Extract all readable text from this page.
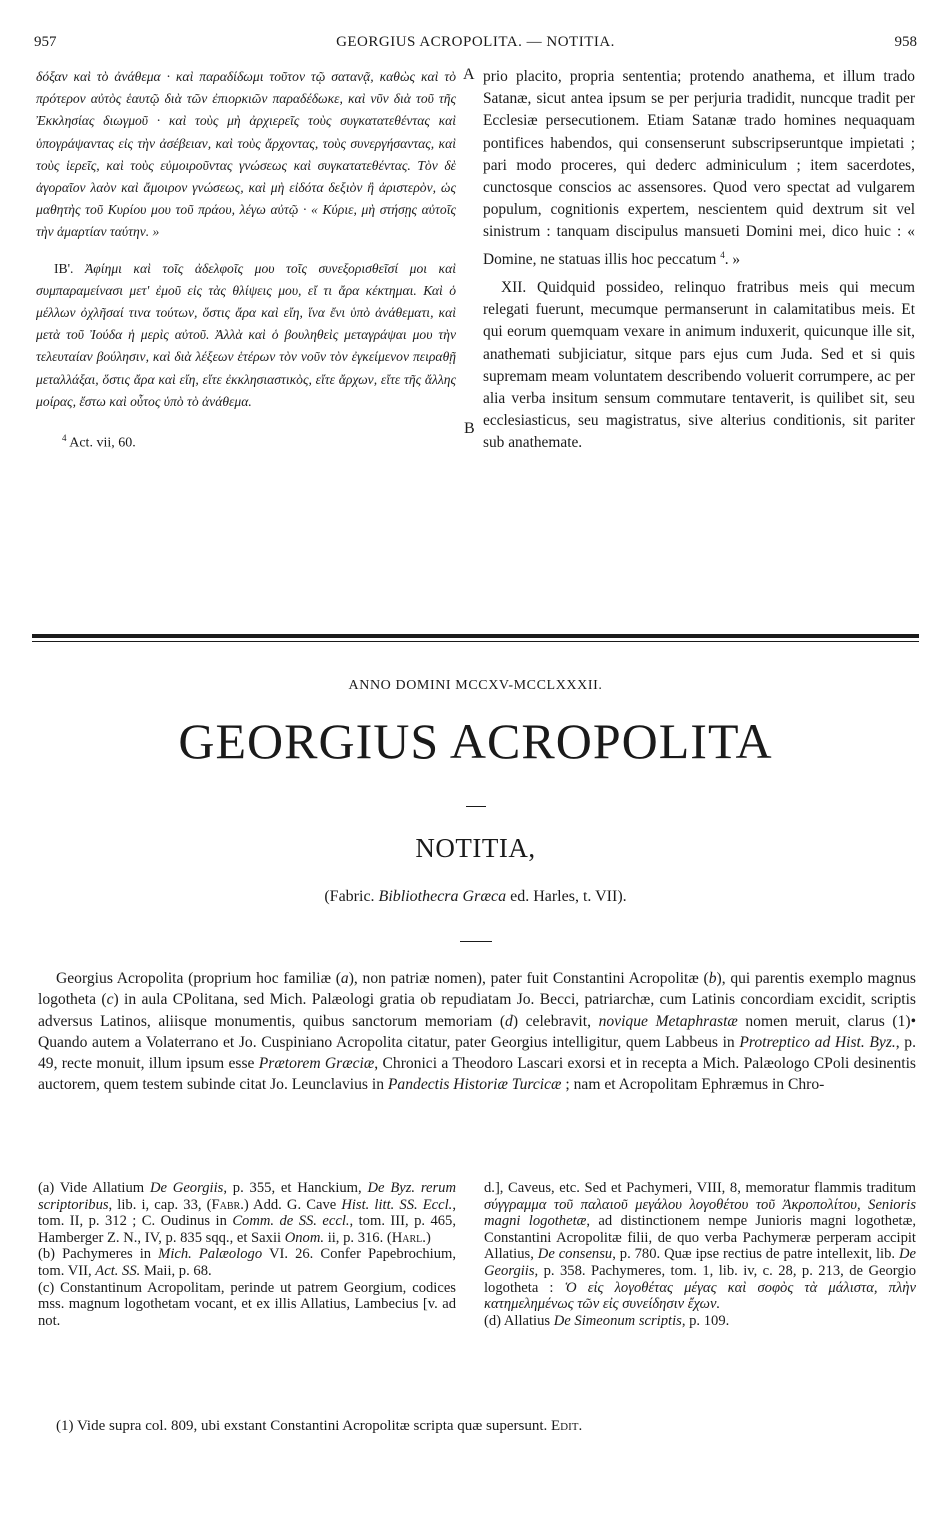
957	GEORGIUS ACROPOLITA. — NOTITIA.	958

δόξαν καὶ τὸ ἀνάθεμα · καὶ παραδίδωμι τοῦτον τῷ σατανᾷ, καθὼς καὶ τὸ πρότερον αὐτὸς ἑαυτῷ διὰ τῶν ἐπιορκιῶν παραδέδωκε, καὶ νῦν διὰ τοῦ τῆς Ἐκκλησίας διωγμοῦ · καὶ τοὺς μὴ ἀρχιερεῖς τοὺς συγκατατεθέντας καὶ ὑπογράψαντας εἰς τὴν ἀσέβειαν, καὶ τοὺς ἄρχοντας, τοὺς συνεργήσαντας, καὶ τοὺς ἱερεῖς, καὶ τοὺς εὐμοιροῦντας γνώσεως καὶ συγκατατεθέντας. Τὸν δὲ ἀγοραῖον λαὸν καὶ ἄμοιρον γνώσεως, καὶ μὴ εἰδότα δεξιὸν ἢ ἀριστερὸν, ὡς μαθητὴς τοῦ Κυρίου μου τοῦ πράου, λέγω αὐτῷ · « Κύριε, μὴ στήσῃς αὐτοῖς τὴν ἁμαρτίαν ταύτην. »

ΙΒ'. Ἀφίημι καὶ τοῖς ἀδελφοῖς μου τοῖς συνεξορισθεῖσί μοι καὶ συμπαραμείνασι μετ' ἐμοῦ εἰς τὰς θλίψεις μου, εἴ τι ἄρα κέκτημαι. Καὶ ὁ μέλλων ὀχλῆσαί τινα τούτων, ὅστις ἄρα καὶ εἴη, ἵνα ἔνι ὑπὸ ἀνάθεματι, καὶ μετὰ τοῦ Ἰούδα ἡ μερὶς αὐτοῦ. Ἀλλὰ καὶ ὁ βουληθεὶς μεταγράψαι μου τὴν τελευταίαν βούλησιν, καὶ διὰ λέξεων ἑτέρων τὸν νοῦν τὸν ἐγκείμενον πειραθῇ μεταλλάξαι, ὅστις ἄρα καὶ εἴη, εἴτε ἐκκλησιαστικὸς, εἴτε ἄρχων, εἴτε τῆς ἄλλης μοίρας, ἔστω καὶ οὗτος ὑπὸ τὸ ἀνάθεμα.

$^4$ Act. vii, 60.
A
B

prio placito, propria sententia; protendo anathema, et illum trado Satanæ, sicut antea ipsum se per perjuria tradidit, nuncque tradit per Ecclesiæ persecutionem. Etiam Satanæ trado homines nequaquam pontifices habendos, qui consenserunt subscripseruntque impietati ; pari modo proceres, qui dederc adminiculum ; item sacerdotes, cunctosque conscios ac assensores. Quod vero spectat ad vulgarem populum, cognitionis expertem, nescientem quid dextrum sit vel sinistrum : tanquam discipulus mansueti Domini mei, dico huic : « Domine, ne statuas illis hoc peccatum $^4$. »

XII. Quidquid possideo, relinquo fratribus meis qui mecum relegati fuerunt, mecumque permanserunt in calamitatibus meis. Et qui eorum quemquam vexare in animum induxerit, quicunque ille sit, anathemati subjiciatur, sitque pars ejus cum Juda. Sed et si quis supremam meam voluntatem describendo voluerit corrumpere, ac per alia verba insitum sensum commutare tentaverit, is quilibet sit, seu ecclesiasticus, seu magistratus, sive alterius conditionis, sit pariter sub anathemate.

ANNO DOMINI MCCXV-MCCLXXXII.
GEORGIUS ACROPOLITA
NOTITIA,
(Fabric. Bibliothecra Græca ed. Harles, t. VII).
Georgius Acropolita (proprium hoc familiæ (a), non patriæ nomen), pater fuit Constantini Acropolitæ (b), qui parentis exemplo magnus logotheta (c) in aula CPolitana, sed Mich. Palæologi gratia ob repudiatam Jo. Becci, patriarchæ, cum Latinis concordiam excidit, scriptis adversus Latinos, aliisque monumentis, quibus sanctorum memoriam (d) celebravit, novique Metaphrastæ nomen meruit, clarus (1)• Quando autem a Volaterrano et Jo. Cuspiniano Acropolita citatur, pater Georgius intelligitur, quem Labbeus in Protreptico ad Hist. Byz., p. 49, recte monuit, illum ipsum esse Prætorem Græciæ, Chronici a Theodoro Lascari exorsi et in recepta a Mich. Palæologo CPoli desinentis auctorem, quem testem subinde citat Jo. Leunclavius in Pandectis Historiæ Turcicæ ; nam et Acropolitam Ephræmus in Chro-

(a) Vide Allatium De Georgiis, p. 355, et Hanckium, De Byz. rerum scriptoribus, lib. i, cap. 33, (Fabr.) Add. G. Cave Hist. litt. SS. Eccl., tom. II, p. 312 ; C. Oudinus in Comm. de SS. eccl., tom. III, p. 465, Hamberger Z. N., IV, p. 835 sqq., et Saxii Onom. ii, p. 316. (Harl.)

(b) Pachymeres in Mich. Palæologo VI. 26. Confer Papebrochium, tom. VII, Act. SS. Maii, p. 68.

(c) Constantinum Acropolitam, perinde ut patrem Georgium, codices mss. magnum logothetam vocant, et ex illis Allatius, Lambecius [v. ad not.

d.], Caveus, etc. Sed et Pachymeri, VIII, 8, memoratur flammis traditum σύγγραμμα τοῦ παλαιοῦ μεγάλου λογοθέτου τοῦ Ἀκροπολίτου, Senioris magni logothetæ, ad distinctionem nempe Junioris magni logothetæ, Constantini Acropolitæ filii, de quo verba Pachymeræ perperam accipit Allatius, De consensu, p. 780. Quæ ipse rectius de patre intellexit, lib. De Georgiis, p. 358. Pachymeres, tom. 1, lib. iv, c. 28, p. 213, de Georgio logotheta : Ὁ εἰς λογοθέτας μέγας καὶ σοφὸς τὰ μάλιστα, πλὴν κατημελημένως τῶν εἰς συνείδησιν ἔχων.

(d) Allatius De Simeonum scriptis, p. 109.

(1) Vide supra col. 809, ubi exstant Constantini Acropolitæ scripta quæ supersunt. Edit.
